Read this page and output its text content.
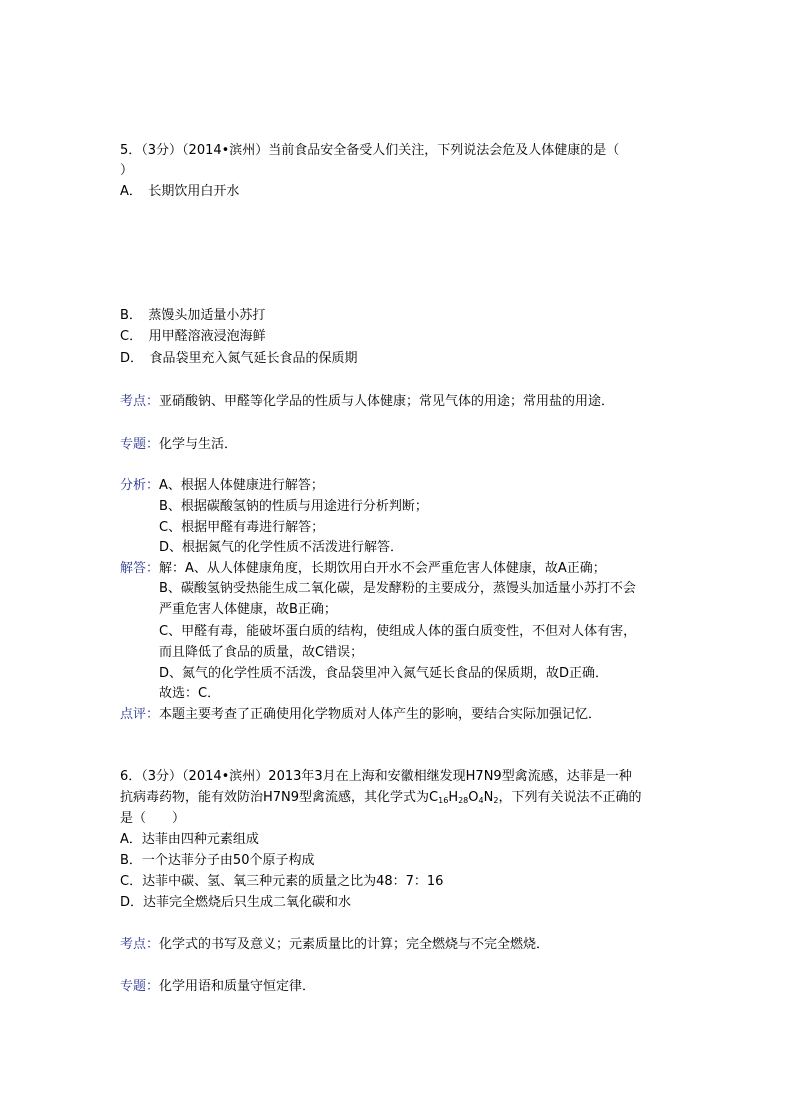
5．（3分）（2014•滨州）当前食品安全备受人们关注，下列说法会危及人体健康的是（
）
A．　长期饮用白开水
B．　蒸馒头加适量小苏打
C．　用甲醛溶液浸泡海鲜
D．　食品袋里充入氮气延长食品的保质期
考点：亚硝酸钠、甲醛等化学品的性质与人体健康；常见气体的用途；常用盐的用途．
专题：化学与生活．
分析：A、根据人体健康进行解答；
B、根据碳酸氢钠的性质与用途进行分析判断；
C、根据甲醛有毒进行解答；
D、根据氮气的化学性质不活泼进行解答．
解答：解：A、从人体健康角度，长期饮用白开水不会严重危害人体健康，故A正确；
B、碳酸氢钠受热能生成二氧化碳，是发酵粉的主要成分，蒸馒头加适量小苏打不会
严重危害人体健康，故B正确；
C、甲醛有毒，能破坏蛋白质的结构，使组成人体的蛋白质变性，不但对人体有害，
而且降低了食品的质量，故C错误；
D、氮气的化学性质不活泼，食品袋里冲入氮气延长食品的保质期，故D正确．
故选：C．
点评：本题主要考查了正确使用化学物质对人体产生的影响，要结合实际加强记忆．
6．（3分）（2014•滨州）2013年3月在上海和安徽相继发现H7N9型禽流感，达菲是一种
抗病毒药物，能有效防治H7N9型禽流感，其化学式为$C_{16}H_{28}O_4N_2$，下列有关说法不正确的
是（　　）
A．达菲由四种元素组成
B．一个达菲分子由50个原子构成
C．达菲中碳、氢、氧三种元素的质量之比为48：7：16
D．达菲完全燃烧后只生成二氧化碳和水
考点：化学式的书写及意义；元素质量比的计算；完全燃烧与不完全燃烧．
专题：化学用语和质量守恒定律．
